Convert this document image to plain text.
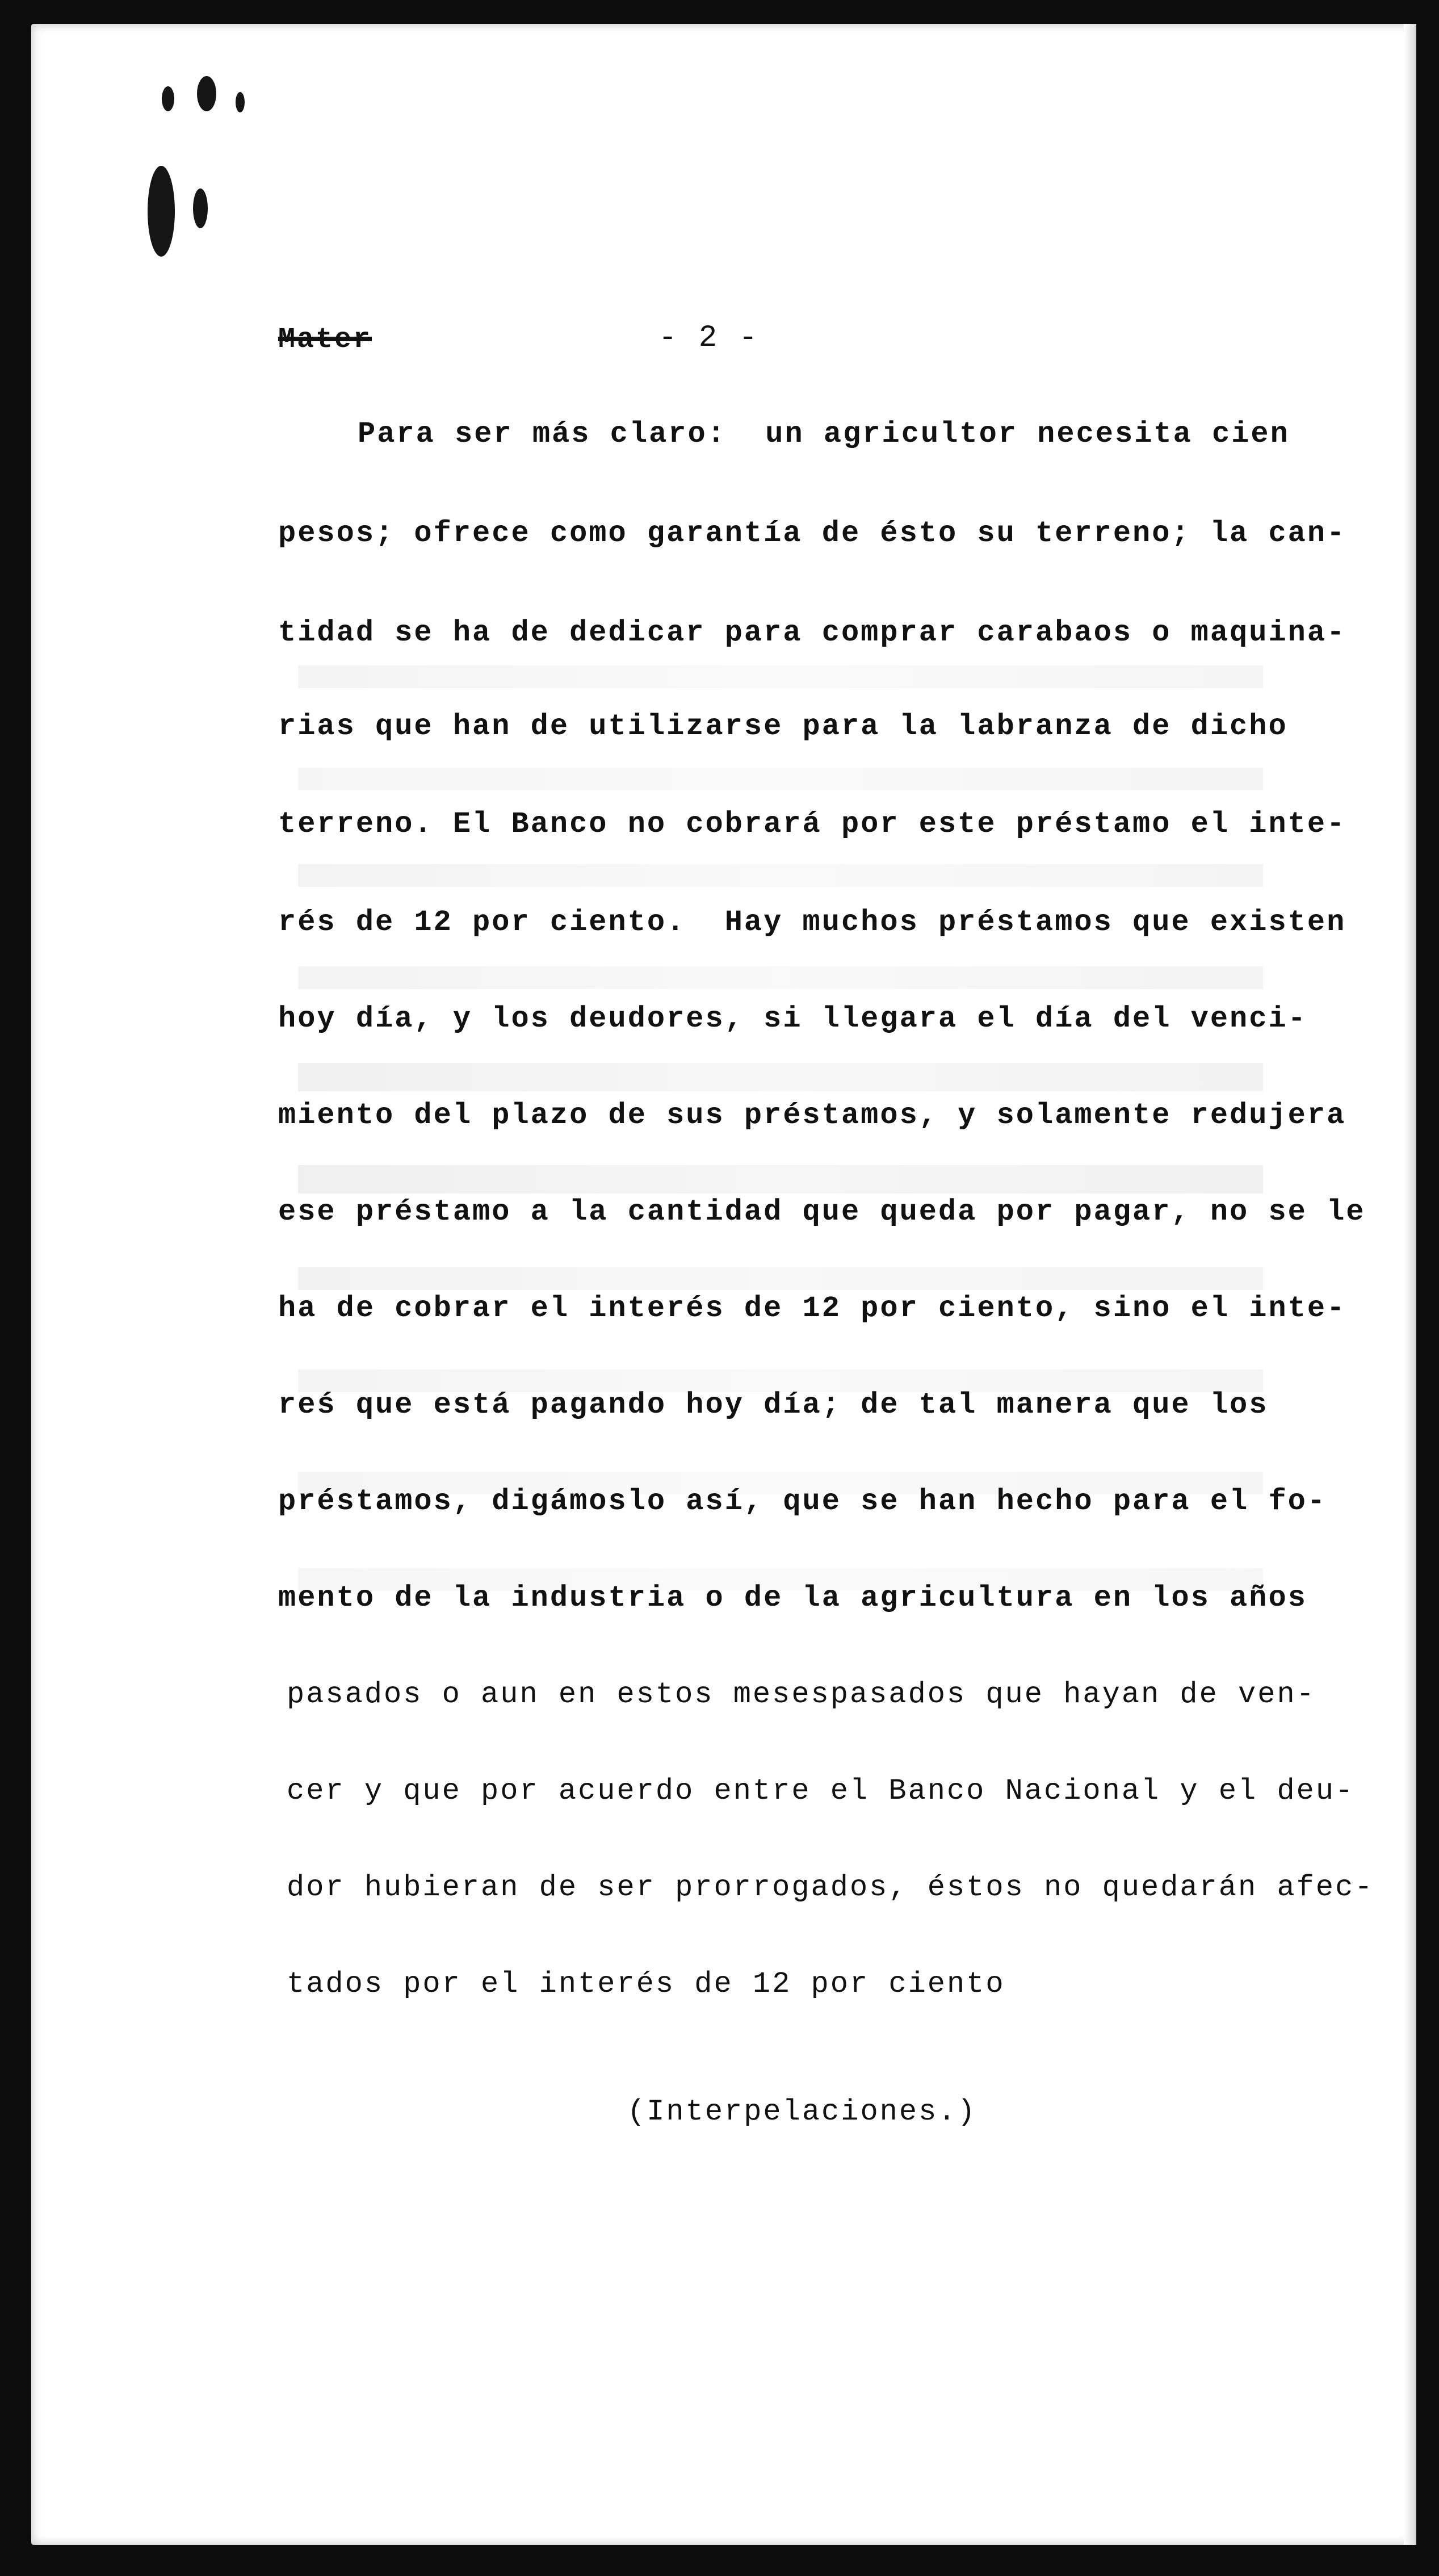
Mater	- 2 -
Para ser más claro:  un agricultor necesita cien
pesos; ofrece como garantía de ésto su terreno; la can-
tidad se ha de dedicar para comprar carabaos o maquina-
rias que han de utilizarse para la labranza de dicho
terreno. El Banco no cobrará por este préstamo el inte-
rés de 12 por ciento.  Hay muchos préstamos que existen
hoy día, y los deudores, si llegara el día del venci-
miento del plazo de sus préstamos, y solamente redujera
ese préstamo a la cantidad que queda por pagar, no se le
ha de cobrar el interés de 12 por ciento, sino el inte-
reś que está pagando hoy día; de tal manera que los
préstamos, digámoslo así, que se han hecho para el fo-
mento de la industria o de la agricultura en los años
pasados o aun en estos mesespasados que hayan de ven-
cer y que por acuerdo entre el Banco Nacional y el deu-
dor hubieran de ser prorrogados, éstos no quedarán afec-
tados por el interés de 12 por ciento
(Interpelaciones.)
